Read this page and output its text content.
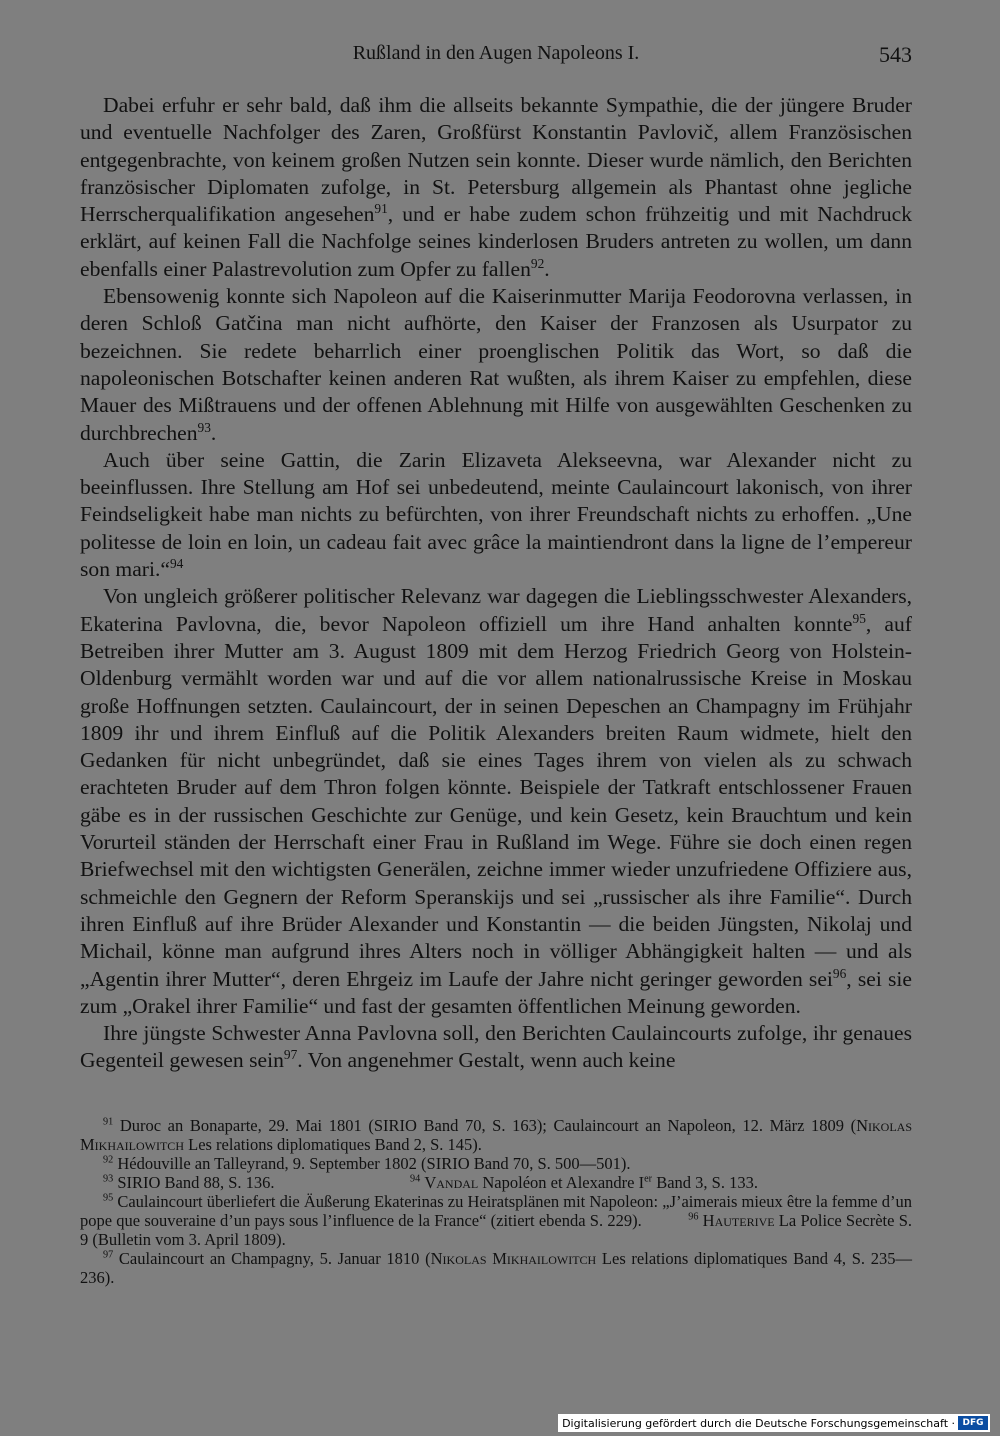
Rußland in den Augen Napoleons I.	543

Dabei erfuhr er sehr bald, daß ihm die allseits bekannte Sympathie, die der jüngere Bruder und eventuelle Nachfolger des Zaren, Großfürst Konstantin Pavlovič, allem Französischen entgegenbrachte, von keinem großen Nutzen sein konnte. Dieser wurde nämlich, den Berichten französischer Diplomaten zufolge, in St. Petersburg allgemein als Phantast ohne jegliche Herrscherqualifikation angesehen$^{91}$, und er habe zudem schon frühzeitig und mit Nachdruck erklärt, auf keinen Fall die Nachfolge seines kinderlosen Bruders antreten zu wollen, um dann ebenfalls einer Palastrevolution zum Opfer zu fallen$^{92}$.

Ebensowenig konnte sich Napoleon auf die Kaiserinmutter Marija Feodorovna verlassen, in deren Schloß Gatčina man nicht aufhörte, den Kaiser der Franzosen als Usurpator zu bezeichnen. Sie redete beharrlich einer proenglischen Politik das Wort, so daß die napoleonischen Botschafter keinen anderen Rat wußten, als ihrem Kaiser zu empfehlen, diese Mauer des Mißtrauens und der offenen Ablehnung mit Hilfe von ausgewählten Geschenken zu durchbrechen$^{93}$.

Auch über seine Gattin, die Zarin Elizaveta Alekseevna, war Alexander nicht zu beeinflussen. Ihre Stellung am Hof sei unbedeutend, meinte Caulaincourt lakonisch, von ihrer Feindseligkeit habe man nichts zu befürchten, von ihrer Freundschaft nichts zu erhoffen. „Une politesse de loin en loin, un cadeau fait avec grâce la maintiendront dans la ligne de l’empereur son mari.“$^{94}$

Von ungleich größerer politischer Relevanz war dagegen die Lieblingsschwester Alexanders, Ekaterina Pavlovna, die, bevor Napoleon offiziell um ihre Hand anhalten konnte$^{95}$, auf Betreiben ihrer Mutter am 3. August 1809 mit dem Herzog Friedrich Georg von Holstein-Oldenburg vermählt worden war und auf die vor allem nationalrussische Kreise in Moskau große Hoffnungen setzten. Caulaincourt, der in seinen Depeschen an Champagny im Frühjahr 1809 ihr und ihrem Einfluß auf die Politik Alexanders breiten Raum widmete, hielt den Gedanken für nicht unbegründet, daß sie eines Tages ihrem von vielen als zu schwach erachteten Bruder auf dem Thron folgen könnte. Beispiele der Tatkraft entschlossener Frauen gäbe es in der russischen Geschichte zur Genüge, und kein Gesetz, kein Brauchtum und kein Vorurteil ständen der Herrschaft einer Frau in Rußland im Wege. Führe sie doch einen regen Briefwechsel mit den wichtigsten Generälen, zeichne immer wieder unzufriedene Offiziere aus, schmeichle den Gegnern der Reform Speranskijs und sei „russischer als ihre Familie“. Durch ihren Einfluß auf ihre Brüder Alexander und Konstantin — die beiden Jüngsten, Nikolaj und Michail, könne man aufgrund ihres Alters noch in völliger Abhängigkeit halten — und als „Agentin ihrer Mutter“, deren Ehrgeiz im Laufe der Jahre nicht geringer geworden sei$^{96}$, sei sie zum „Orakel ihrer Familie“ und fast der gesamten öffentlichen Meinung geworden.

Ihre jüngste Schwester Anna Pavlovna soll, den Berichten Caulaincourts zufolge, ihr genaues Gegenteil gewesen sein$^{97}$. Von angenehmer Gestalt, wenn auch keine

$^{91}$ Duroc an Bonaparte, 29. Mai 1801 (SIRIO Band 70, S. 163); Caulaincourt an Napoleon, 12. März 1809 (Nikolas Mikhailowitch Les relations diplomatiques Band 2, S. 145).

$^{92}$ Hédouville an Talleyrand, 9. September 1802 (SIRIO Band 70, S. 500—501).

$^{93}$ SIRIO Band 88, S. 136.	$^{94}$ Vandal Napoléon et Alexandre Ier Band 3, S. 133.

$^{95}$ Caulaincourt überliefert die Äußerung Ekaterinas zu Heiratsplänen mit Napoleon: „J’aimerais mieux être la femme d’un pope que souveraine d’un pays sous l’influence de la France“ (zitiert ebenda S. 229).           $^{96}$ Hauterive La Police Secrète S. 9 (Bulletin vom 3. April 1809).

$^{97}$ Caulaincourt an Champagny, 5. Januar 1810 (Nikolas Mikhailowitch Les relations diplomatiques Band 4, S. 235—236).

Digitalisierung gefördert durch die Deutsche Forschungsgemeinschaft · DFG
